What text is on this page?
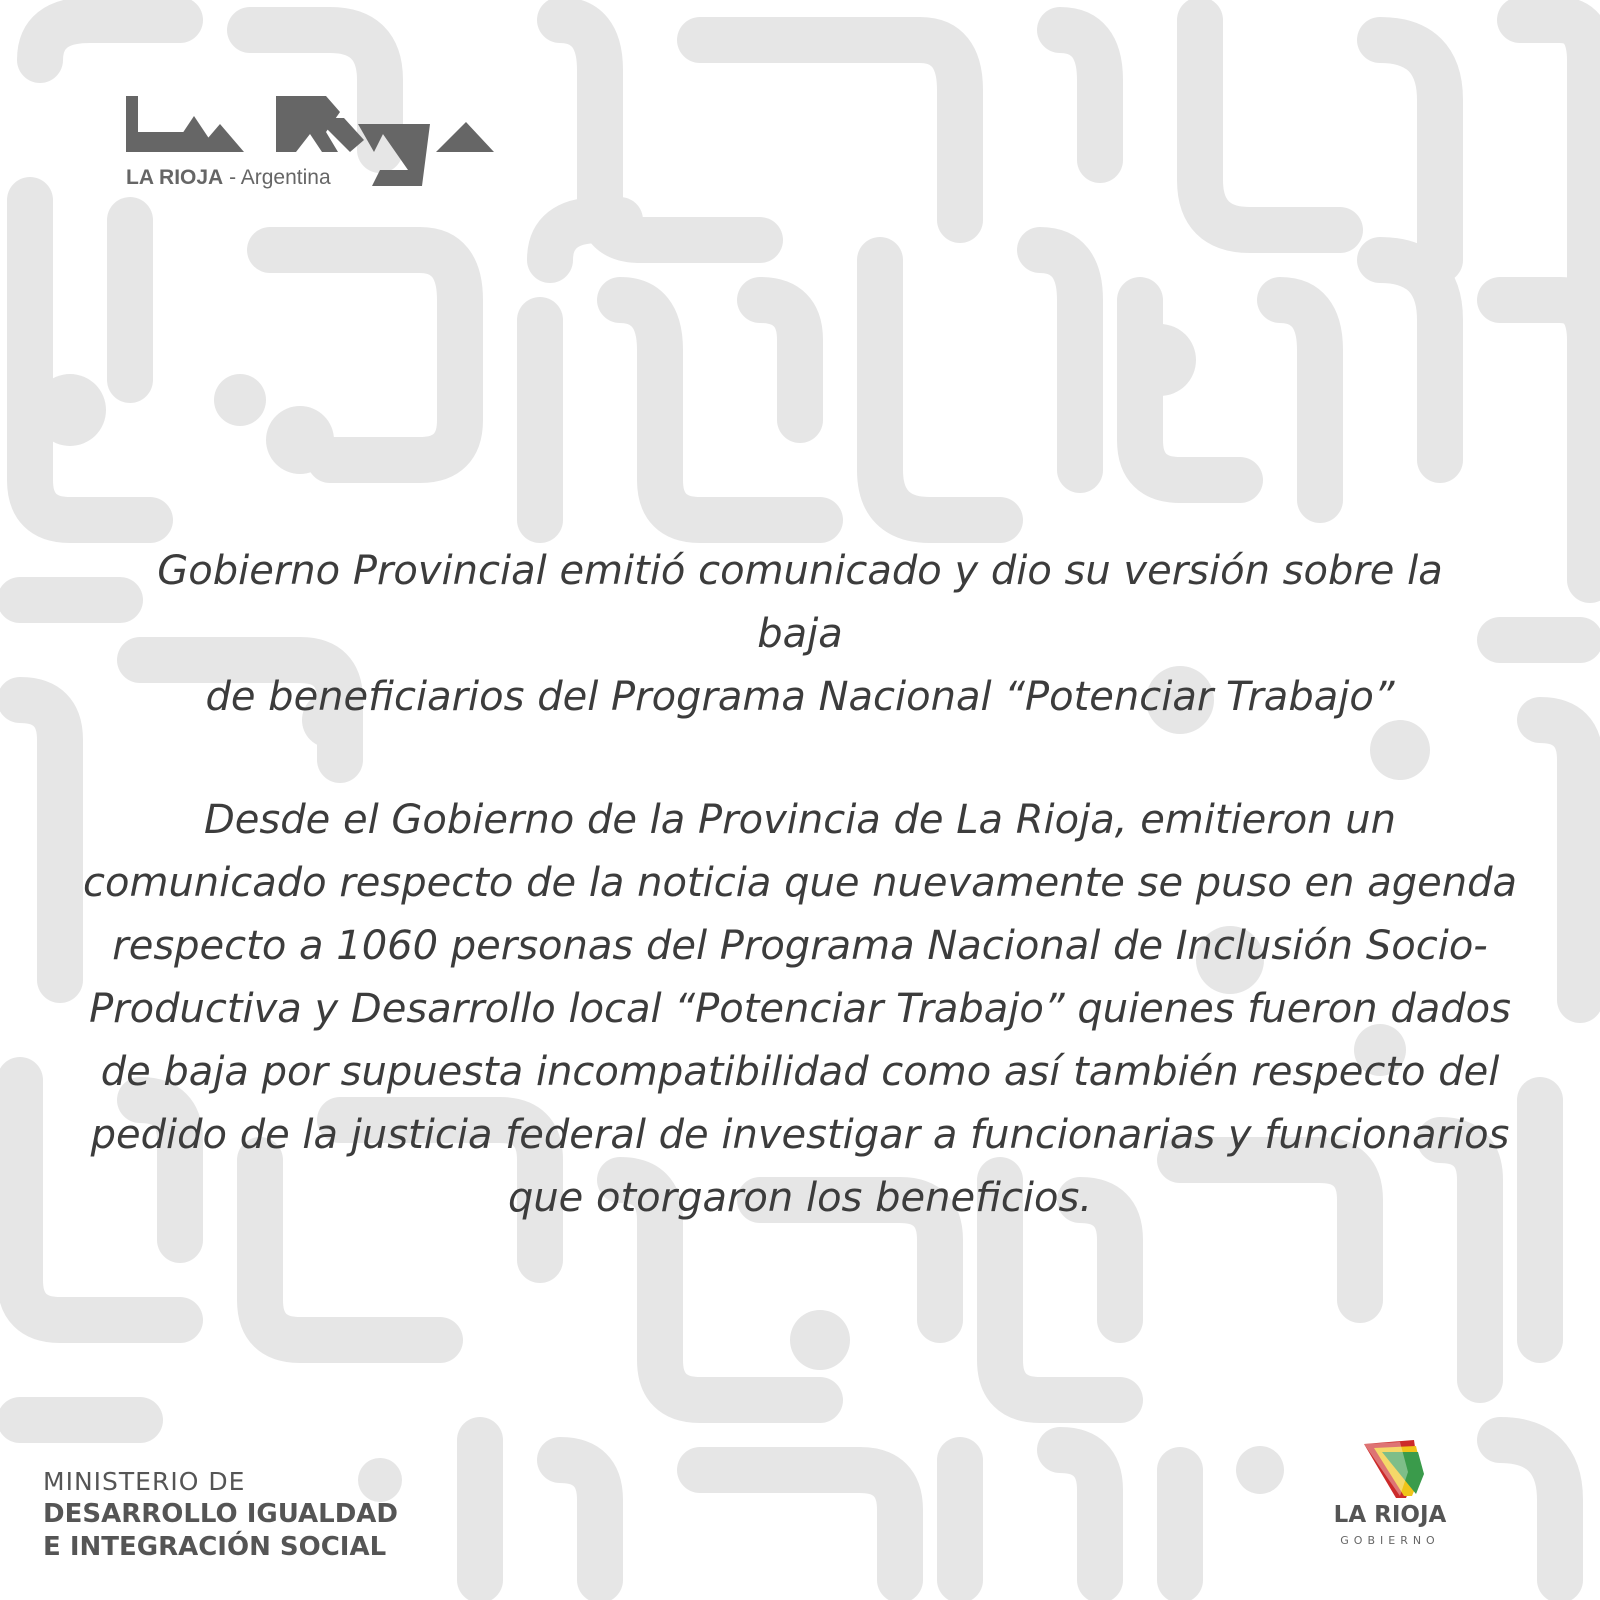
LA RIOJA - Argentina
Gobierno Provincial emitió comunicado y dio su versión sobre la baja
de beneficiarios del Programa Nacional “Potenciar Trabajo”
Desde el Gobierno de la Provincia de La Rioja, emitieron un comunicado respecto de la noticia que nuevamente se puso en agenda respecto a 1060 personas del Programa Nacional de Inclusión Socio-Productiva y Desarrollo local “Potenciar Trabajo” quienes fueron dados de baja por supuesta incompatibilidad como así también respecto del pedido de la justicia federal de investigar a funcionarias y funcionarios que otorgaron los beneficios.
MINISTERIO DE
DESARROLLO IGUALDAD
E INTEGRACIÓN SOCIAL
LA RIOJA
GOBIERNO
